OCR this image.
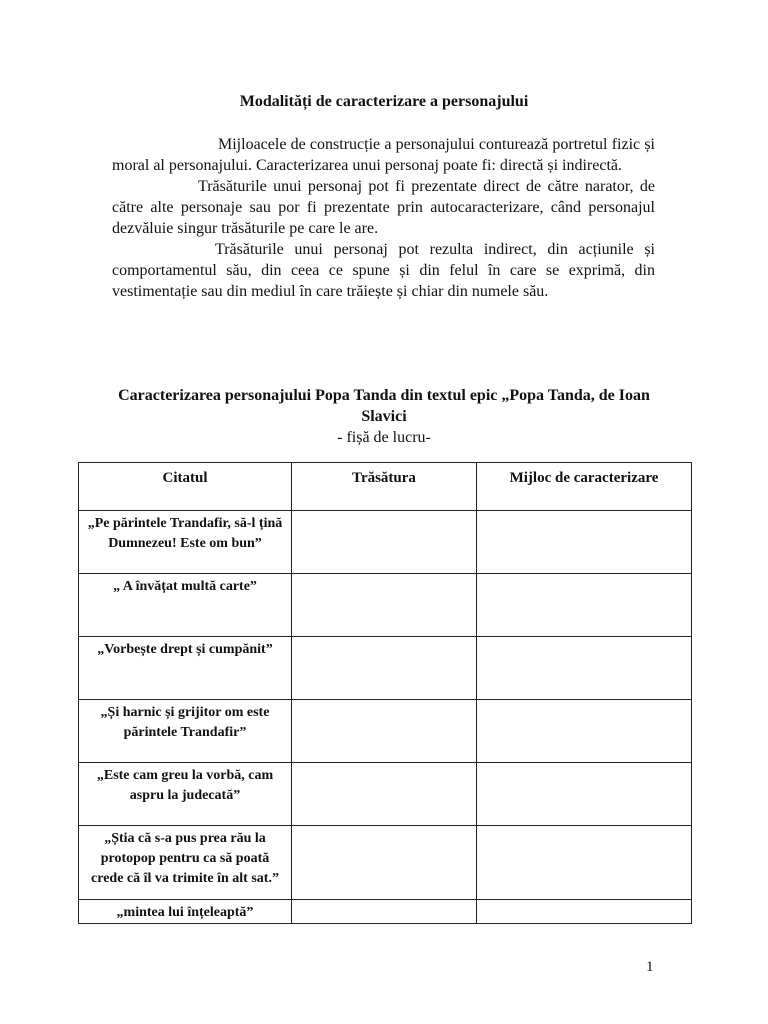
Modalități de caracterizare a personajului

Mijloacele de construcție a personajului conturează portretul fizic și moral al personajului. Caracterizarea unui personaj poate fi: directă și indirectă.

Trăsăturile unui personaj pot fi prezentate direct de către narator, de către alte personaje sau por fi prezentate prin autocaracterizare, când personajul dezvăluie singur trăsăturile pe care le are.

Trăsăturile unui personaj pot rezulta indirect, din acțiunile și comportamentul său, din ceea ce spune și din felul în care se exprimă, din vestimentație sau din mediul în care trăiește și chiar din numele său.

Caracterizarea personajului Popa Tanda din textul epic „Popa Tanda, de Ioan Slavici
- fișă de lucru-
Citatul	Trăsătura	Mijloc de caracterizare
„Pe părintele Trandafir, să-l țină Dumnezeu! Este om bun”		
„ A învățat multă carte”		
„Vorbește drept și cumpănit”		
„Și harnic și grijitor om este părintele Trandafir”		
„Este cam greu la vorbă, cam aspru la judecată”		
„Știa că s-a pus prea rău la protopop pentru ca să poată crede că îl va trimite în alt sat.”		
„mintea lui înțeleaptă”		
1
